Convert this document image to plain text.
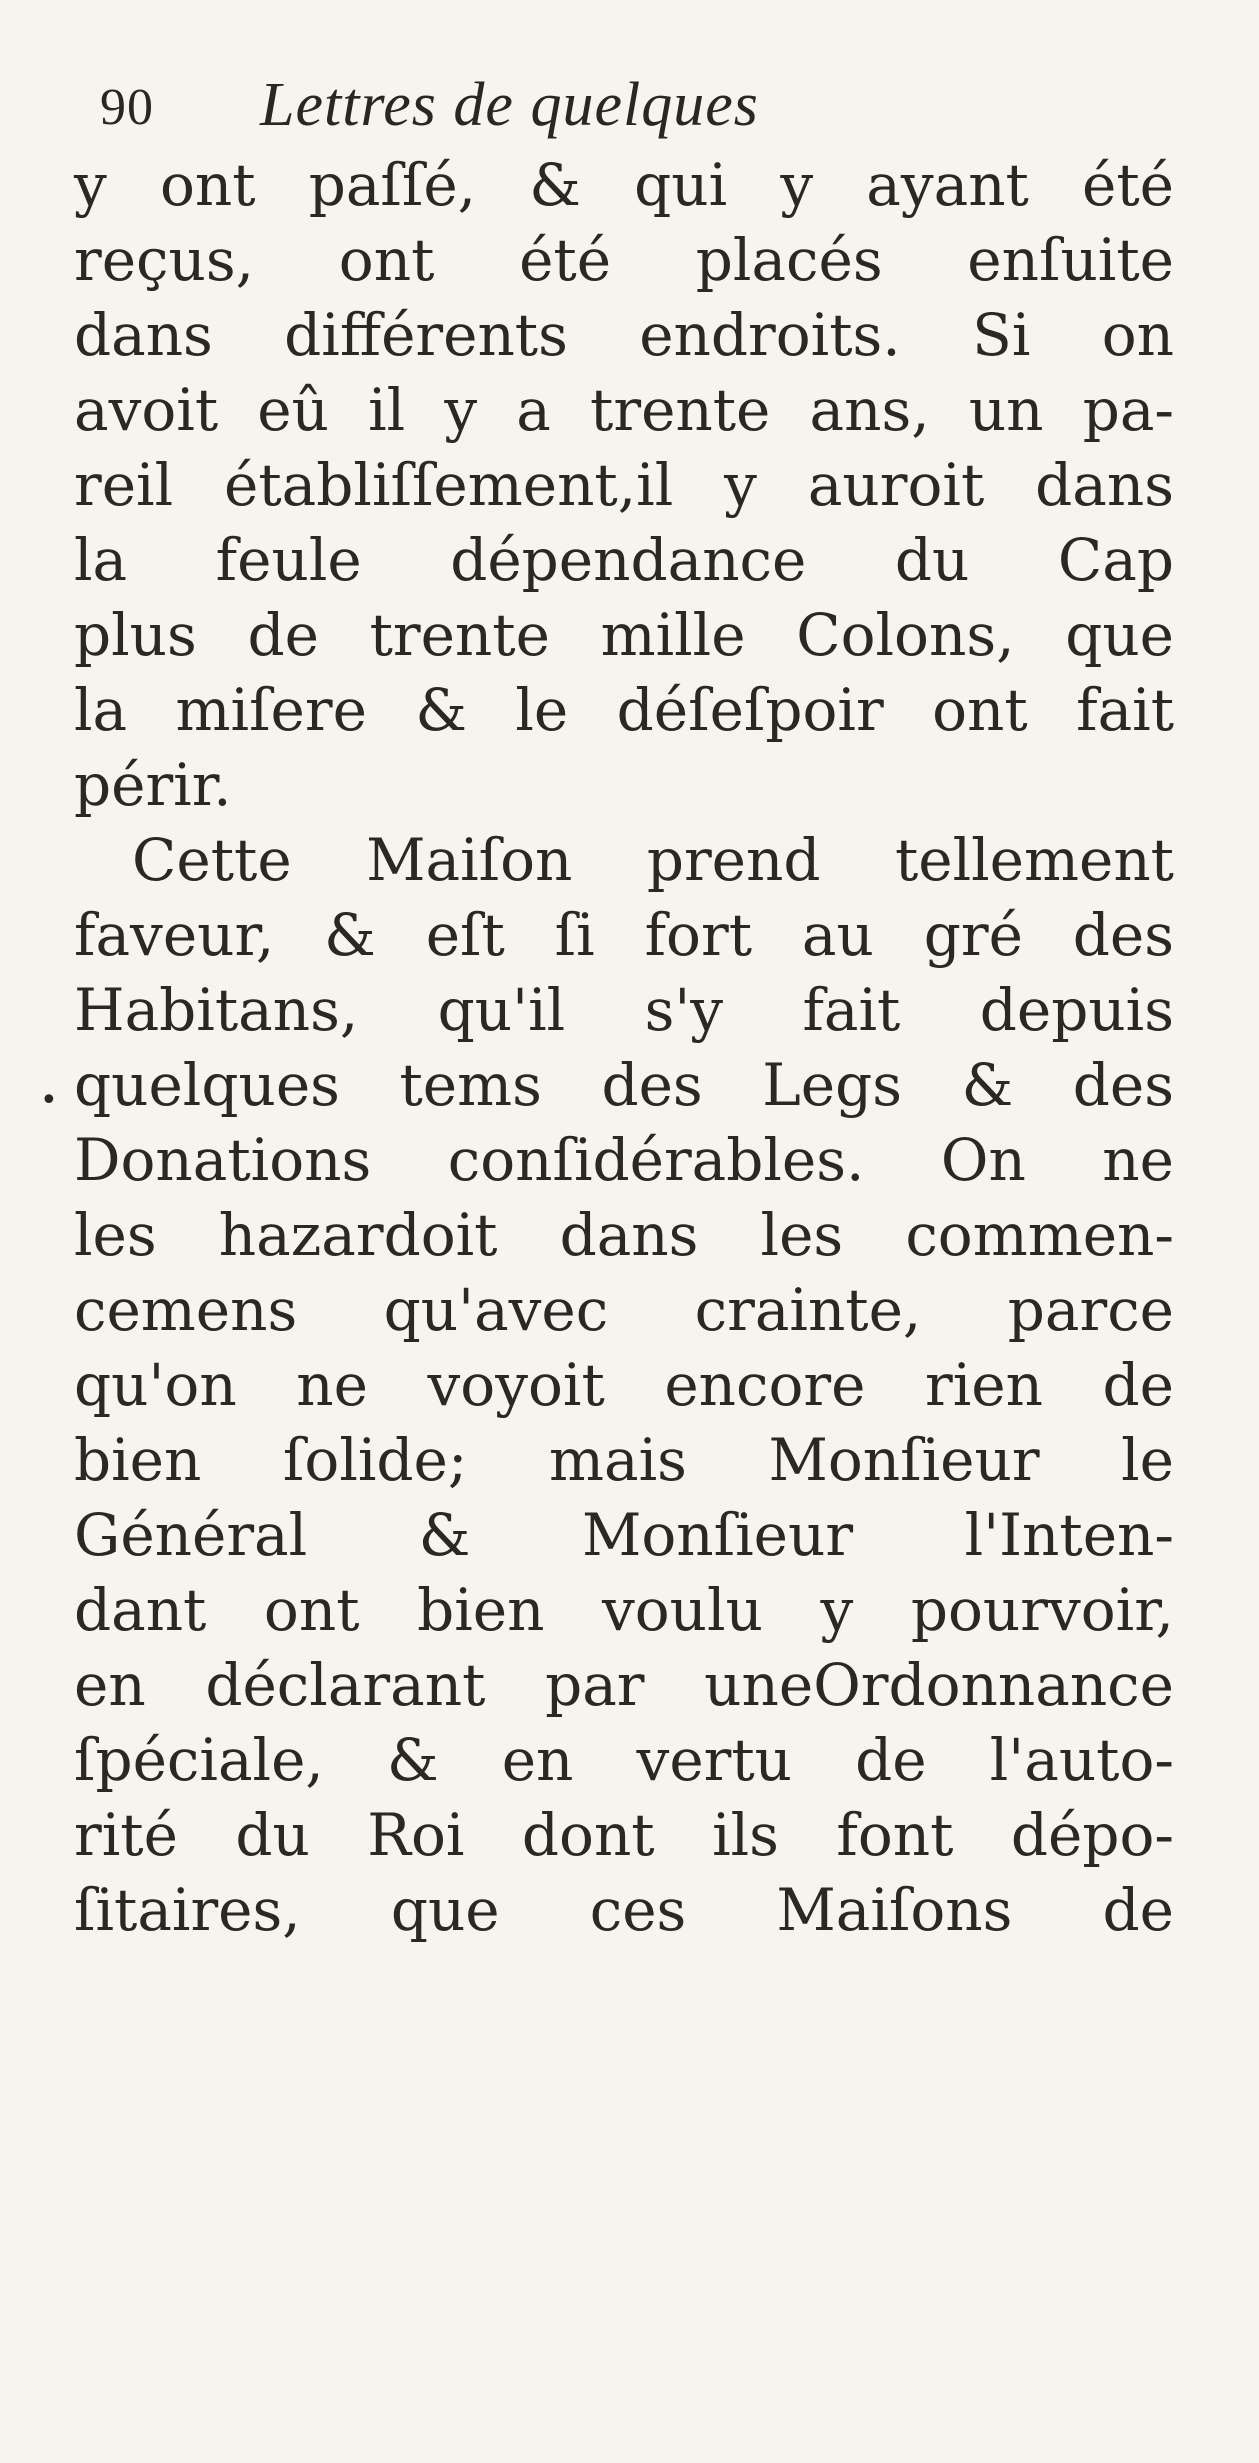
90 Lettres de quelques
•
y ont paſſé, & qui y ayant été
reçus, ont été placés enſuite
dans différents endroits. Si on
avoit eû il y a trente ans, un pa-
reil établiſſement,il y auroit dans
la feule dépendance du Cap
plus de trente mille Colons, que
la miſere & le déſeſpoir ont fait
périr.
Cette Maiſon prend tellement
faveur, & eſt ſi fort au gré des
Habitans, qu'il s'y fait depuis
quelques tems des Legs & des
Donations conſidérables. On ne
les hazardoit dans les commen-
cemens qu'avec crainte, parce
qu'on ne voyoit encore rien de
bien ſolide; mais Monſieur le
Général & Monſieur l'Inten-
dant ont bien voulu y pourvoir,
en déclarant par uneOrdonnance
ſpéciale, & en vertu de l'auto-
rité du Roi dont ils font dépo-
ſitaires, que ces Maiſons de
